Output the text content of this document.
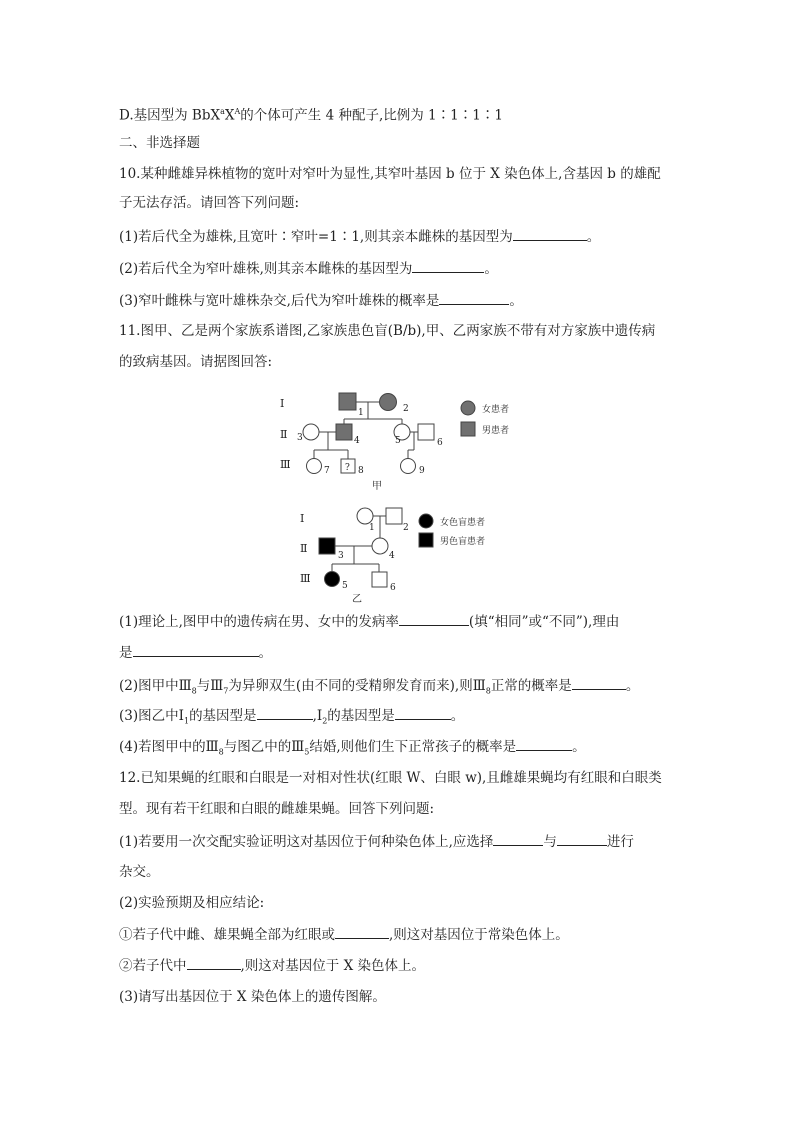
D.基因型为 $BbX^aX^A$的个体可产生 4 种配子,比例为 1∶1∶1∶1
二、非选择题
10.某种雌雄异株植物的宽叶对窄叶为显性,其窄叶基因 b 位于 X 染色体上,含基因 b 的雄配
子无法存活。请回答下列问题:
(1)若后代全为雄株,且宽叶∶窄叶=1∶1,则其亲本雌株的基因型为	。
(2)若后代全为窄叶雄株,则其亲本雌株的基因型为	。
(3)窄叶雌株与宽叶雄株杂交,后代为窄叶雄株的概率是	。
11.图甲、乙是两个家族系谱图,乙家族患色盲(B/b),甲、乙两家族不带有对方家族中遗传病
的致病基因。请据图回答:
Ⅰ
Ⅱ
Ⅲ
1	2
3	4	5	6
7	8	9
?
女患者
男患者
甲
Ⅰ
Ⅱ
Ⅲ
1	2
3	4
5	6
女色盲患者
男色盲患者
乙
(1)理论上,图甲中的遗传病在男、女中的发病率	(填“相同”或“不同”),理由
是	。
(2)图甲中$Ⅲ_8$与$Ⅲ_7$为异卵双生(由不同的受精卵发育而来),则$Ⅲ_8$正常的概率是	。
(3)图乙中$Ⅰ_1$的基因型是	$,Ⅰ_2$的基因型是	。
(4)若图甲中的$Ⅲ_8$与图乙中的$Ⅲ_5$结婚,则他们生下正常孩子的概率是	。
12.已知果蝇的红眼和白眼是一对相对性状(红眼 W、白眼 w),且雌雄果蝇均有红眼和白眼类
型。现有若干红眼和白眼的雌雄果蝇。回答下列问题:
(1)若要用一次交配实验证明这对基因位于何种染色体上,应选择	与	进行
杂交。
(2)实验预期及相应结论:
①若子代中雌、雄果蝇全部为红眼或	,则这对基因位于常染色体上。
②若子代中	,则这对基因位于 X 染色体上。
(3)请写出基因位于 X 染色体上的遗传图解。
